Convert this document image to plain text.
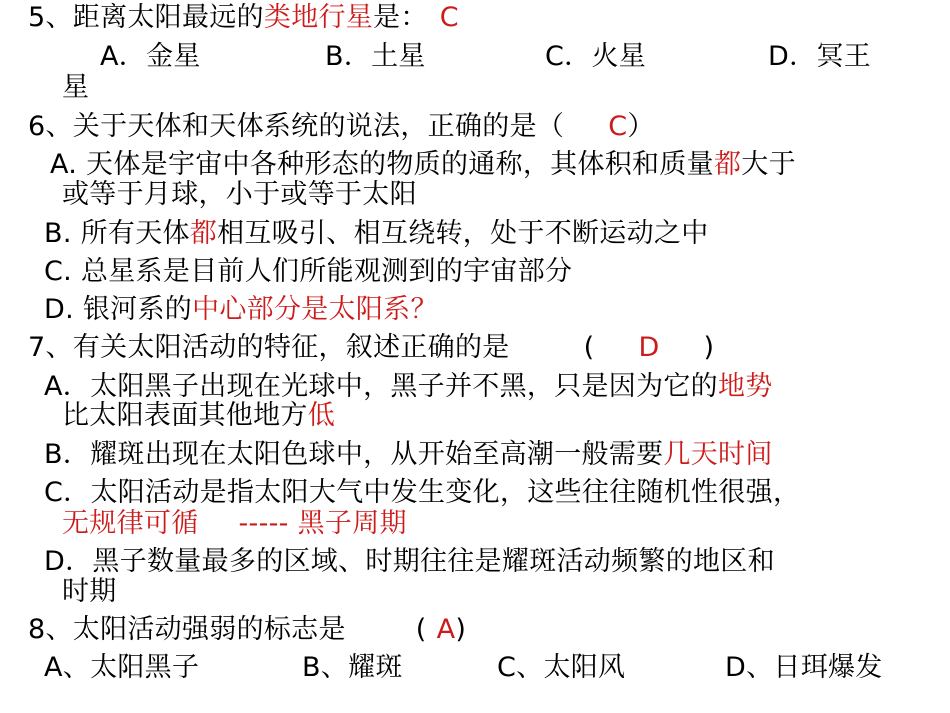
5、距离太阳最远的类地行星是： C
A．金星	B．土星	C．火星	D．冥王
星
6、关于天体和天体系统的说法，正确的是（ C）
A. 天体是宇宙中各种形态的物质的通称，其体积和质量都大于
或等于月球，小于或等于太阳
B. 所有天体都相互吸引、相互绕转，处于不断运动之中
C. 总星系是目前人们所能观测到的宇宙部分
D. 银河系的中心部分是太阳系？
7、有关太阳活动的特征，叙述正确的是	( D )
A．太阳黑子出现在光球中，黑子并不黑，只是因为它的地势
比太阳表面其他地方低
B．耀斑出现在太阳色球中，从开始至高潮一般需要几天时间
C．太阳活动是指太阳大气中发生变化，这些往往随机性很强，
无规律可循 ----- 黑子周期
D．黑子数量最多的区域、时期往往是耀斑活动频繁的地区和
时期
8、太阳活动强弱的标志是	( A)
A、太阳黑子	B、耀斑	C、太阳风	D、日珥爆发
